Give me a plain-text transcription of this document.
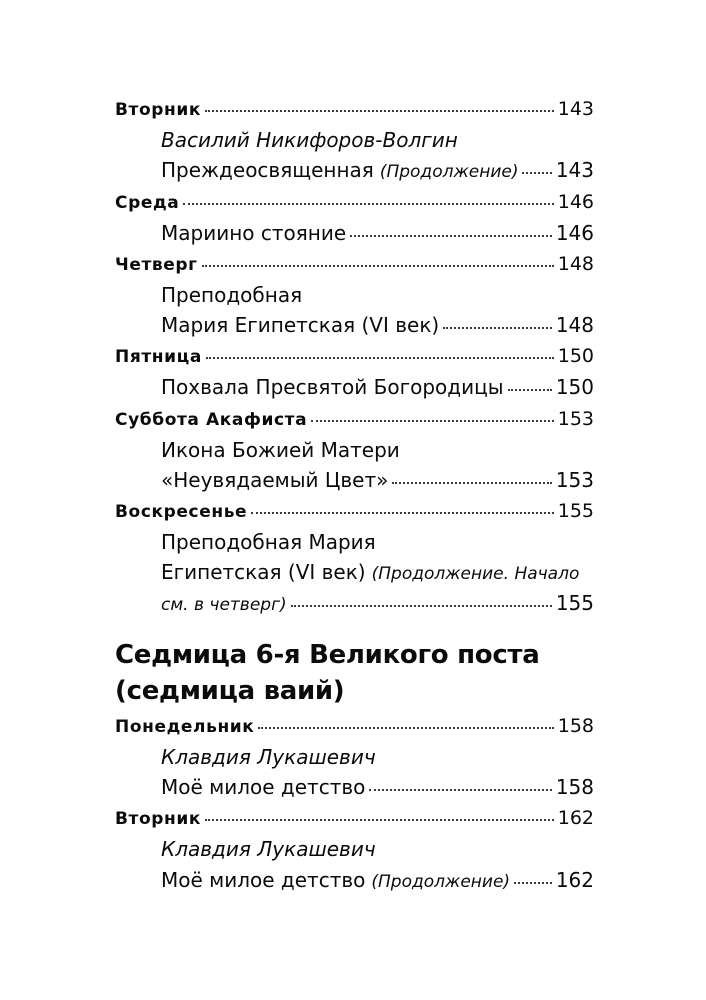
Вторник	143
Василий Никифоров-Волгин
Преждеосвященная (Продолжение) 143
Среда	146
Мариино стояние	146
Четверг	148
Преподобная
Мария Египетская (VI век)	148
Пятница	150
Похвала Пресвятой Богородицы	150
Суббота Акафиста	153
Икона Божией Матери
«Неувядаемый Цвет»	153
Воскресенье	155
Преподобная Мария
Египетская (VI век) (Продолжение. Начало
см. в четверг)	155
Седмица 6-я Великого поста
(седмица ваий)
Понедельник	158
Клавдия Лукашевич
Моё милое детство	158
Вторник	162
Клавдия Лукашевич
Моё милое детство (Продолжение) 162
